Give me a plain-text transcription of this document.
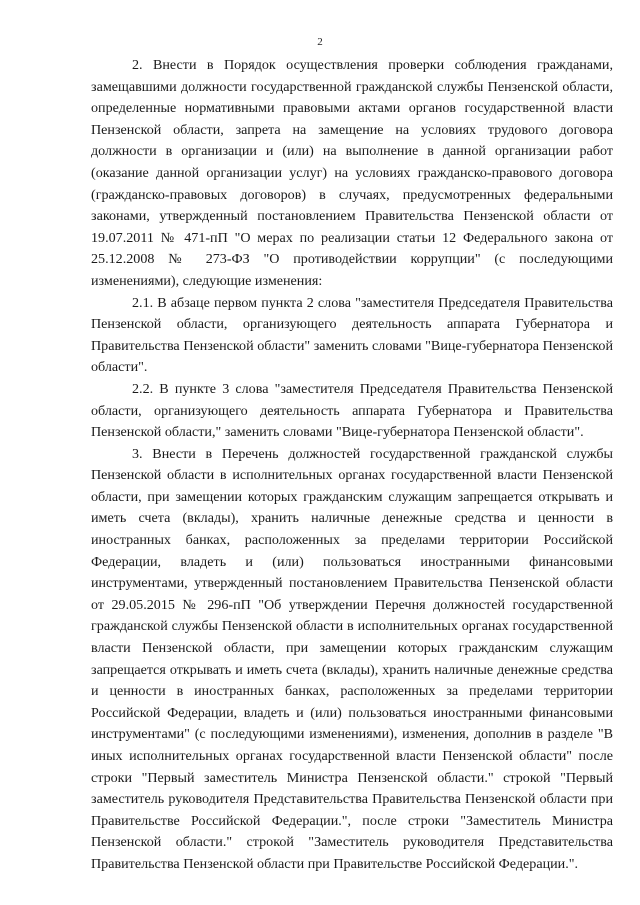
2

2. Внести в Порядок осуществления проверки соблюдения гражданами, замещавшими должности государственной гражданской службы Пензенской области, определенные нормативными правовыми актами органов государственной власти Пензенской области, запрета на замещение на условиях трудового договора должности в организации и (или) на выполнение в данной организации работ (оказание данной организации услуг) на условиях гражданско-правового договора (гражданско-правовых договоров) в случаях, предусмотренных федеральными законами, утвержденный постановлением Правительства Пензенской области от 19.07.2011 № 471-пП "О мерах по реализации статьи 12 Федерального закона от 25.12.2008 № 273-ФЗ "О противодействии коррупции" (с последующими изменениями), следующие изменения:

2.1. В абзаце первом пункта 2 слова "заместителя Председателя Правительства Пензенской области, организующего деятельность аппарата Губернатора и Правительства Пензенской области" заменить словами "Вице-губернатора Пензенской области".

2.2. В пункте 3 слова "заместителя Председателя Правительства Пензенской области, организующего деятельность аппарата Губернатора и Правительства Пензенской области," заменить словами "Вице-губернатора Пензенской области".

3. Внести в Перечень должностей государственной гражданской службы Пензенской области в исполнительных органах государственной власти Пензенской области, при замещении которых гражданским служащим запрещается открывать и иметь счета (вклады), хранить наличные денежные средства и ценности в иностранных банках, расположенных за пределами территории Российской Федерации, владеть и (или) пользоваться иностранными финансовыми инструментами, утвержденный постановлением Правительства Пензенской области от 29.05.2015 № 296-пП "Об утверждении Перечня должностей государственной гражданской службы Пензенской области в исполнительных органах государственной власти Пензенской области, при замещении которых гражданским служащим запрещается открывать и иметь счета (вклады), хранить наличные денежные средства и ценности в иностранных банках, расположенных за пределами территории Российской Федерации, владеть и (или) пользоваться иностранными финансовыми инструментами" (с последующими изменениями), изменения, дополнив в разделе "В иных исполнительных органах государственной власти Пензенской области" после строки "Первый заместитель Министра Пензенской области." строкой "Первый заместитель руководителя Представительства Правительства Пензенской области при Правительстве Российской Федерации.", после строки "Заместитель Министра Пензенской области." строкой "Заместитель руководителя Представительства Правительства Пензенской области при Правительстве Российской Федерации.".
